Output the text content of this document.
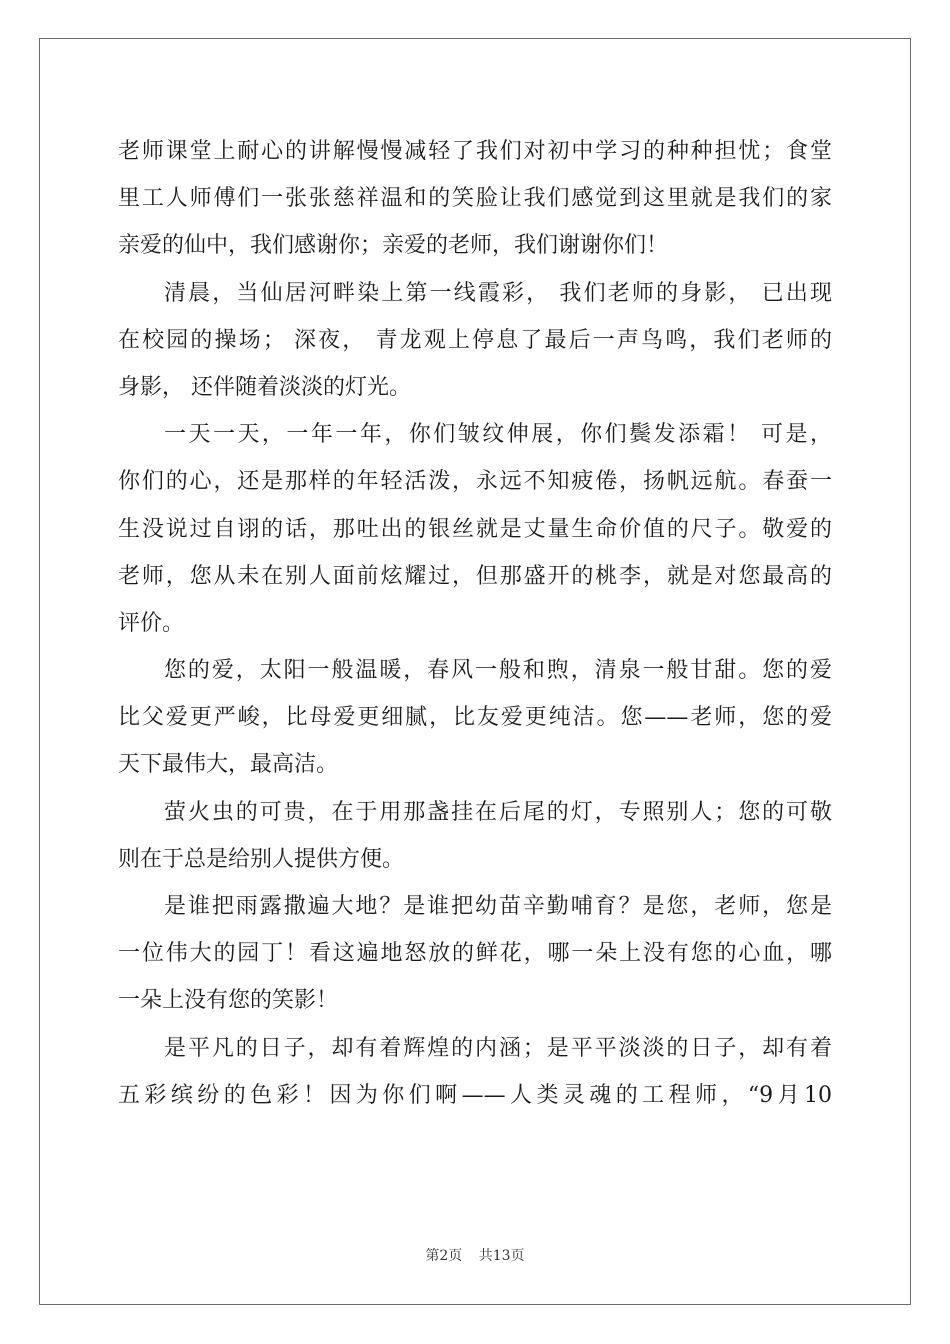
老师课堂上耐心的讲解慢慢减轻了我们对初中学习的种种担忧；食堂
里工人师傅们一张张慈祥温和的笑脸让我们感觉到这里就是我们的家
亲爱的仙中，我们感谢你；亲爱的老师，我们谢谢你们！
清晨，当仙居河畔染上第一线霞彩， 我们老师的身影， 已出现
在校园的操场； 深夜， 青龙观上停息了最后一声鸟鸣，我们老师的
身影， 还伴随着淡淡的灯光。
一天一天，一年一年，你们皱纹伸展，你们鬓发添霜！ 可是，
你们的心，还是那样的年轻活泼，永远不知疲倦，扬帆远航。春蚕一
生没说过自诩的话，那吐出的银丝就是丈量生命价值的尺子。敬爱的
老师，您从未在别人面前炫耀过，但那盛开的桃李，就是对您最高的
评价。
您的爱，太阳一般温暖，春风一般和煦，清泉一般甘甜。您的爱
比父爱更严峻，比母爱更细腻，比友爱更纯洁。您——老师，您的爱
天下最伟大，最高洁。
萤火虫的可贵，在于用那盏挂在后尾的灯，专照别人；您的可敬
则在于总是给别人提供方便。
是谁把雨露撒遍大地？是谁把幼苗辛勤哺育？是您，老师，您是
一位伟大的园丁！看这遍地怒放的鲜花，哪一朵上没有您的心血，哪
一朵上没有您的笑影！
是平凡的日子，却有着辉煌的内涵；是平平淡淡的日子，却有着
五彩缤纷的色彩！因为你们啊——人类灵魂的工程师，“9月10
第2页 共13页
